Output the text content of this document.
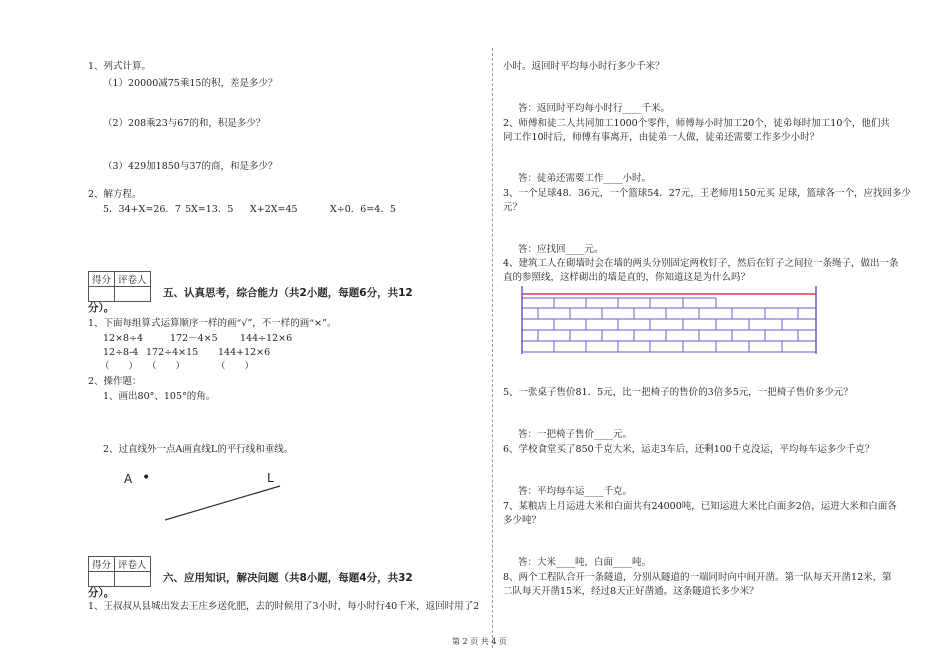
1、列式计算。
（1）20000减75乘15的积，差是多少？
（2）208乘23与67的和，积是多少？
（3）429加1850与37的商，和是多少？
2、解方程。
5．34+X=26．7 5X=13．5 X+2X=45	X÷0．6=4．5
得分	评卷人

五、认真思考，综合能力（共2小题，每题6分，共12
分）。
1、下面每组算式运算顺序一样的画“√”，不一样的画“×”。
12×8÷4	172－4×5 144÷12×6
12÷8-4 172÷4×15 144+12×6
（　　） （　　）	（　　）
2、操作题：
1、画出80°、105°的角。
2、过直线外一点A画直线L的平行线和垂线。
A •	L
得分	评卷人

六、应用知识，解决问题（共8小题，每题4分，共32
分）。
1、王叔叔从县城出发去王庄乡送化肥，去的时候用了3小时，每小时行40千米，返回时用了2
小时。返回时平均每小时行多少千米？
答：返回时平均每小时行____千米。
2、师傅和徒二人共同加工1000个零件，师傅每小时加工20个，徒弟每时加工10个，他们共
同工作10时后，师傅有事离开，由徒弟一人做，徒弟还需要工作多少小时？
答：徒弟还需要工作____小时。
3、一个足球48．36元，一个篮球54．27元，王老师用150元买 足球，篮球各一个，应找回多少
元？
答：应找回____元。
4、建筑工人在砌墙时会在墙的两头分别固定两枚钉子，然后在钉子之间拉一条绳子，做出一条
直的参照线，这样砌出的墙是直的，你知道这是为什么吗？
5、一张桌子售价81．5元，比一把椅子的售价的3倍多5元，一把椅子售价多少元？
答：一把椅子售价____元。
6、学校食堂买了850千克大米，运走3车后，还剩100千克没运，平均每车运多少千克？
答：平均每车运____千克。
7、某粮店上月运进大米和白面共有24000吨，已知运进大米比白面多2倍，运进大米和白面各
多少吨？
答：大米____吨，白面____吨。
8、两个工程队合开一条隧道，分别从隧道的一端同时向中间开凿。第一队每天开凿12米，第
二队每天开凿15米，经过8天正好凿通。这条隧道长多少米？
第 2 页 共 4 页
